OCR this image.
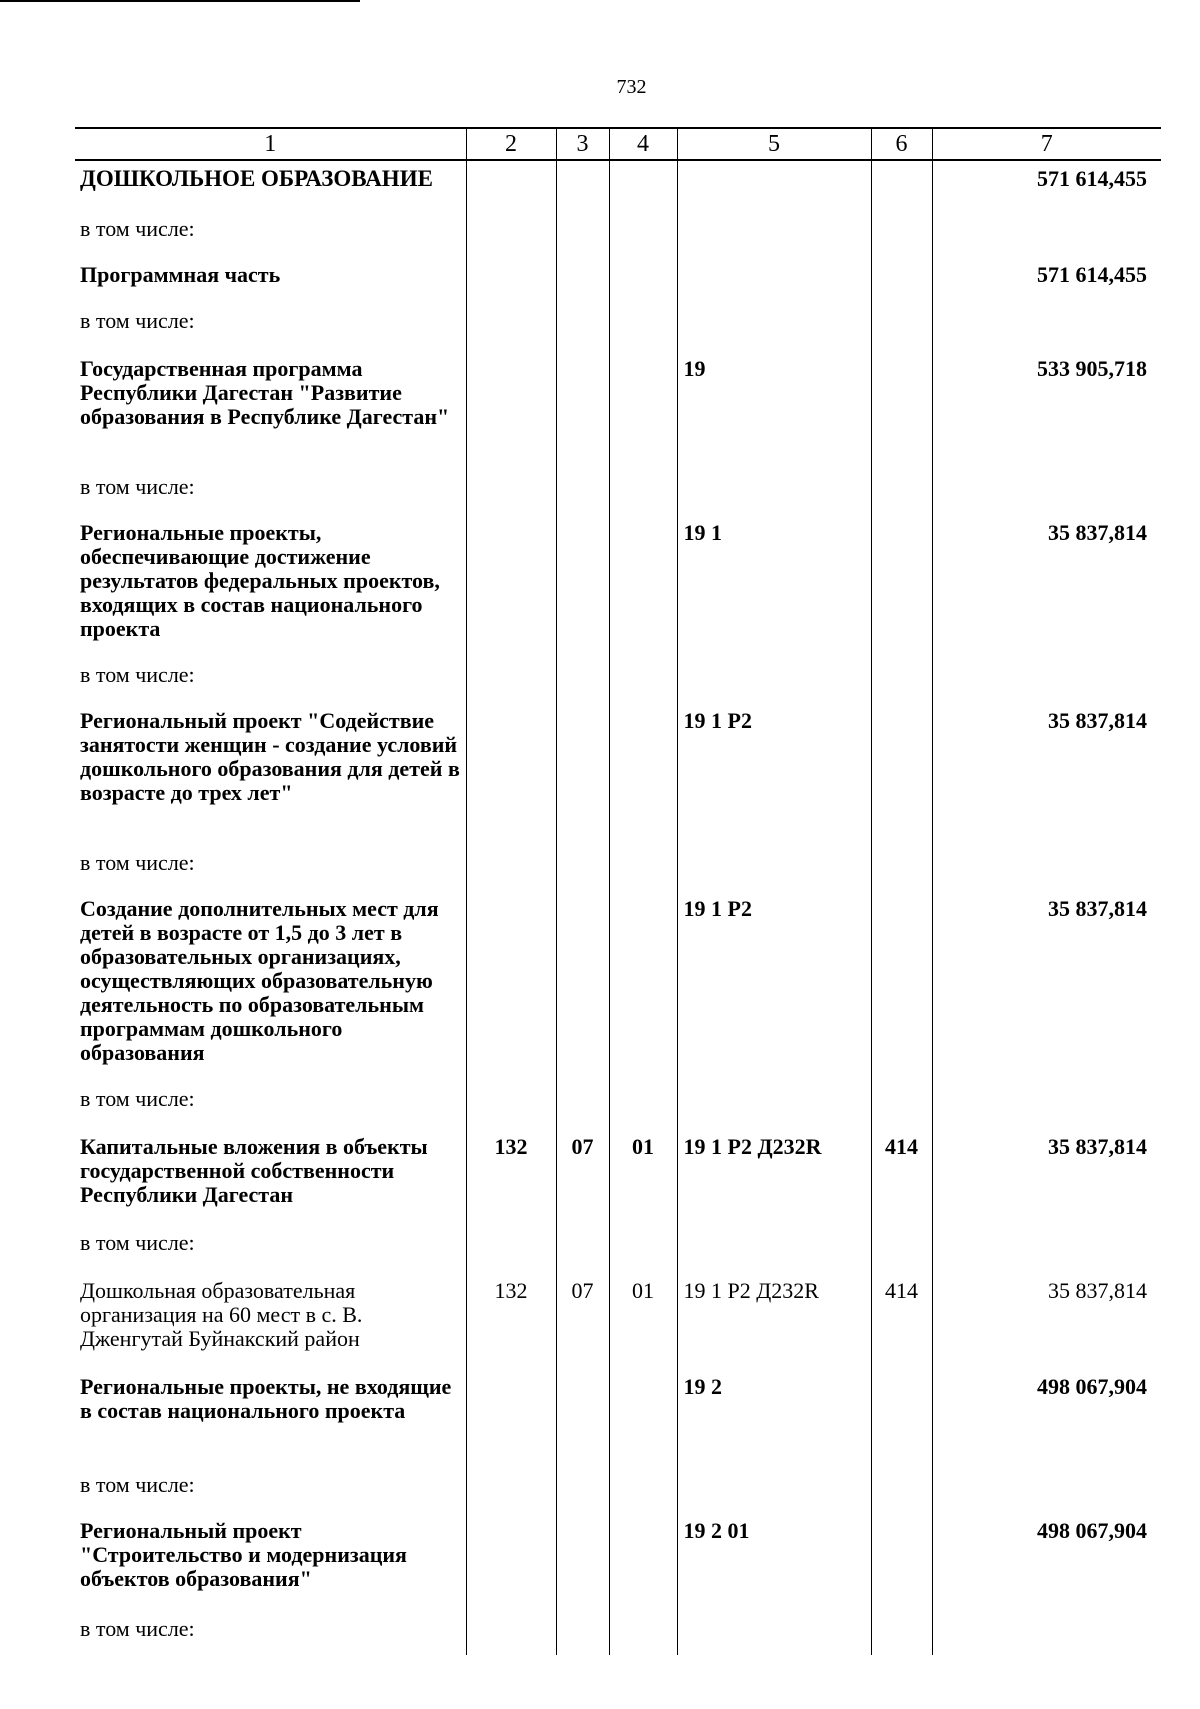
732
1	2	3	4	5	6	7
ДОШКОЛЬНОЕ ОБРАЗОВАНИЕ						571 614,455
в том числе:						
Программная часть						571 614,455
в том числе:						
Государственная программа Республики Дагестан "Развитие образования в Республике Дагестан"				19		533 905,718
в том числе:						
Региональные проекты, обеспечивающие достижение результатов федеральных проектов, входящих в состав национального проекта				19 1		35 837,814
в том числе:						
Региональный проект "Содействие занятости женщин - создание условий дошкольного образования для детей в возрасте до трех лет"				19 1 Р2		35 837,814
в том числе:						
Создание дополнительных мест для детей в возрасте от 1,5 до 3 лет в образовательных организациях, осуществляющих образовательную деятельность по образовательным программам дошкольного образования				19 1 Р2		35 837,814
в том числе:						
Капитальные вложения в объекты государственной собственности Республики Дагестан	132	07	01	19 1 Р2 Д232R	414	35 837,814
в том числе:						
Дошкольная образовательная организация на 60 мест в с. В. Дженгутай Буйнакский район	132	07	01	19 1 Р2 Д232R	414	35 837,814
Региональные проекты, не входящие в состав национального проекта				19 2		498 067,904
в том числе:						
Региональный проект "Строительство и модернизация объектов образования"				19 2 01		498 067,904
в том числе:						
